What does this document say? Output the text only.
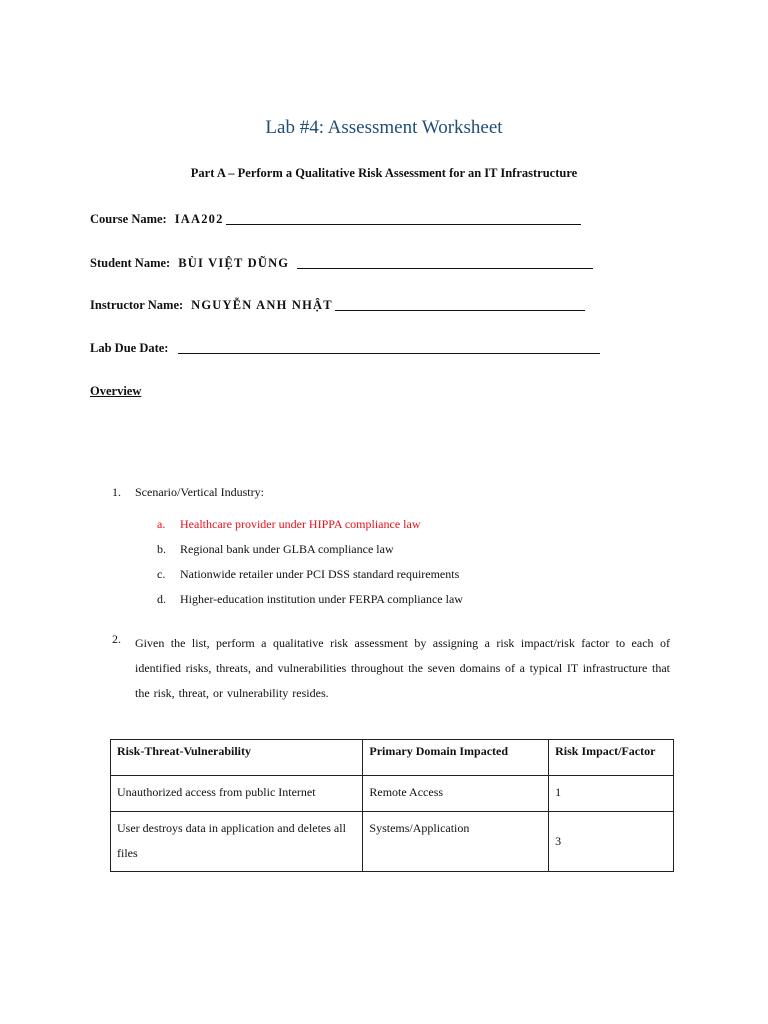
Lab #4: Assessment Worksheet
Part A – Perform a Qualitative Risk Assessment for an IT Infrastructure
Course Name: IAA202
Student Name: BÙI VIỆT DŨNG
Instructor Name: NGUYỄN ANH NHẬT
Lab Due Date:
Overview
1. Scenario/Vertical Industry:
a. Healthcare provider under HIPPA compliance law
b. Regional bank under GLBA compliance law
c. Nationwide retailer under PCI DSS standard requirements
d. Higher-education institution under FERPA compliance law
2. Given the list, perform a qualitative risk assessment by assigning a risk impact/risk factor to each of identified risks, threats, and vulnerabilities throughout the seven domains of a typical IT infrastructure that the risk, threat, or vulnerability resides.
Risk-Threat-Vulnerability	Primary Domain Impacted	Risk Impact/Factor
Unauthorized access from public Internet	Remote Access	1
User destroys data in application and deletes all files	Systems/Application	3
